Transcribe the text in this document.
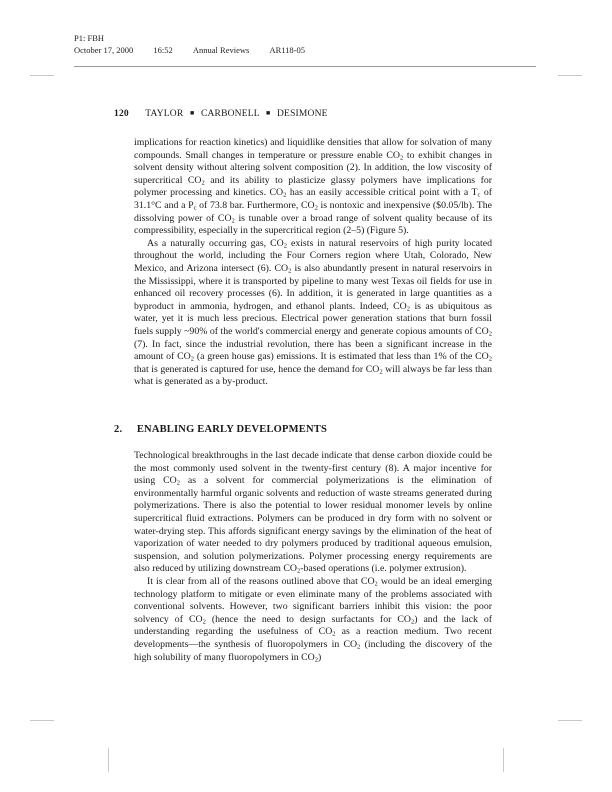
P1: FBH
October 17, 2000 16:52 Annual Reviews AR118-05
120 TAYLOR ■ CARBONELL ■ DESIMONE

implications for reaction kinetics) and liquidlike densities that allow for solvation of many compounds. Small changes in temperature or pressure enable $CO_2$ to exhibit changes in solvent density without altering solvent composition (2). In addition, the low viscosity of supercritical $CO_2$ and its ability to plasticize glassy polymers have implications for polymer processing and kinetics. $CO_2$ has an easily accessible critical point with a $T_c$ of 31.1°C and a $P_c$ of 73.8 bar. Furthermore, $CO_2$ is nontoxic and inexpensive ($0.05/lb). The dissolving power of $CO_2$ is tunable over a broad range of solvent quality because of its compressibility, especially in the supercritical region (2–5) (Figure 5).

As a naturally occurring gas, $CO_2$ exists in natural reservoirs of high purity located throughout the world, including the Four Corners region where Utah, Colorado, New Mexico, and Arizona intersect (6). $CO_2$ is also abundantly present in natural reservoirs in the Mississippi, where it is transported by pipeline to many west Texas oil fields for use in enhanced oil recovery processes (6). In addition, it is generated in large quantities as a byproduct in ammonia, hydrogen, and ethanol plants. Indeed, $CO_2$ is as ubiquitous as water, yet it is much less precious. Electrical power generation stations that burn fossil fuels supply ~90% of the world's commercial energy and generate copious amounts of $CO_2$ (7). In fact, since the industrial revolution, there has been a significant increase in the amount of $CO_2$ (a green house gas) emissions. It is estimated that less than 1% of the $CO_2$ that is generated is captured for use, hence the demand for $CO_2$ will always be far less than what is generated as a by-product.

2. ENABLING EARLY DEVELOPMENTS

Technological breakthroughs in the last decade indicate that dense carbon dioxide could be the most commonly used solvent in the twenty-first century (8). A major incentive for using $CO_2$ as a solvent for commercial polymerizations is the elimination of environmentally harmful organic solvents and reduction of waste streams generated during polymerizations. There is also the potential to lower residual monomer levels by online supercritical fluid extractions. Polymers can be produced in dry form with no solvent or water-drying step. This affords significant energy savings by the elimination of the heat of vaporization of water needed to dry polymers produced by traditional aqueous emulsion, suspension, and solution polymerizations. Polymer processing energy requirements are also reduced by utilizing downstream $CO_2$-based operations (i.e. polymer extrusion).

It is clear from all of the reasons outlined above that $CO_2$ would be an ideal emerging technology platform to mitigate or even eliminate many of the problems associated with conventional solvents. However, two significant barriers inhibit this vision: the poor solvency of $CO_2$ (hence the need to design surfactants for $CO_2$) and the lack of understanding regarding the usefulness of $CO_2$ as a reaction medium. Two recent developments—the synthesis of fluoropolymers in $CO_2$ (including the discovery of the high solubility of many fluoropolymers in $CO_2$)
